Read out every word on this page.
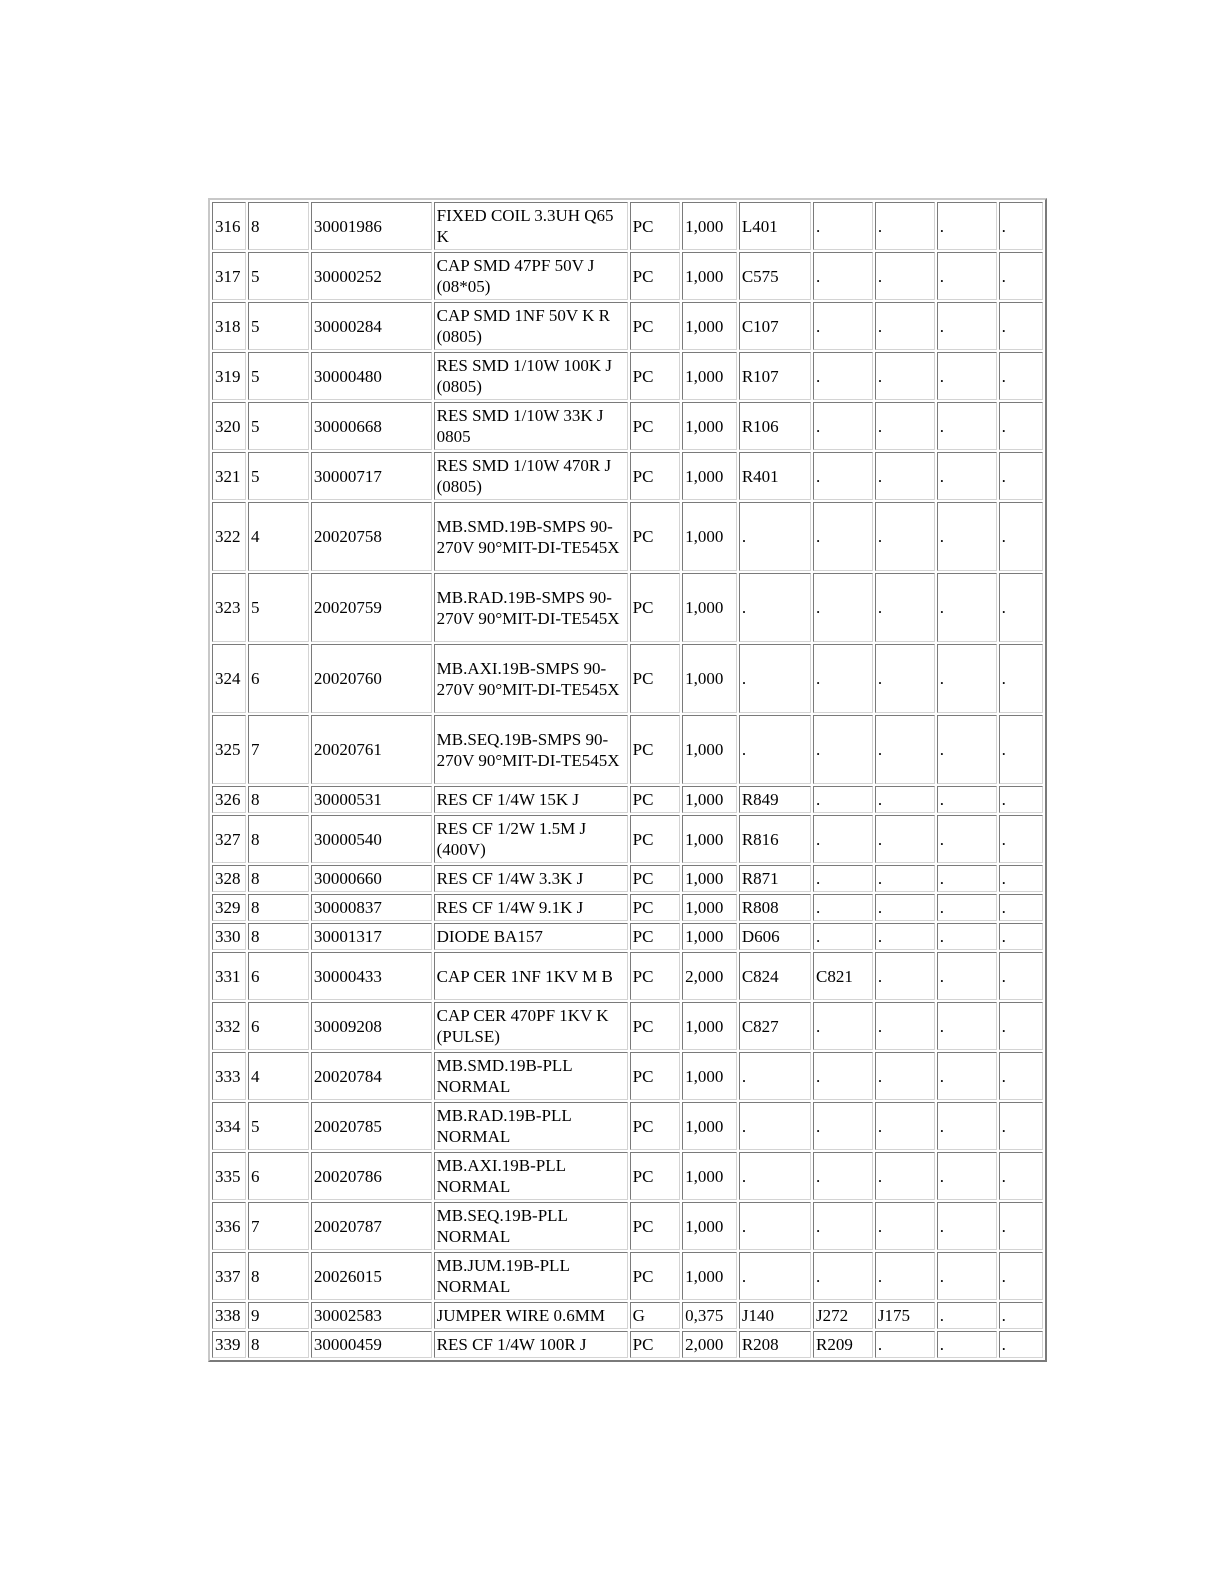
316	8	30001986	FIXED COIL 3.3UH Q65 K	PC	1,000	L401	.	.	.	.
317	5	30000252	CAP SMD 47PF 50V J (08*05)	PC	1,000	C575	.	.	.	.
318	5	30000284	CAP SMD 1NF 50V K R (0805)	PC	1,000	C107	.	.	.	.
319	5	30000480	RES SMD 1/10W 100K J (0805)	PC	1,000	R107	.	.	.	.
320	5	30000668	RES SMD 1/10W 33K J 0805	PC	1,000	R106	.	.	.	.
321	5	30000717	RES SMD 1/10W 470R J (0805)	PC	1,000	R401	.	.	.	.
322	4	20020758	MB.SMD.19B-SMPS 90-270V 90°MIT-DI-TE545X	PC	1,000	.	.	.	.	.
323	5	20020759	MB.RAD.19B-SMPS 90-270V 90°MIT-DI-TE545X	PC	1,000	.	.	.	.	.
324	6	20020760	MB.AXI.19B-SMPS 90-270V 90°MIT-DI-TE545X	PC	1,000	.	.	.	.	.
325	7	20020761	MB.SEQ.19B-SMPS 90-270V 90°MIT-DI-TE545X	PC	1,000	.	.	.	.	.
326	8	30000531	RES CF 1/4W 15K J	PC	1,000	R849	.	.	.	.
327	8	30000540	RES CF 1/2W 1.5M J (400V)	PC	1,000	R816	.	.	.	.
328	8	30000660	RES CF 1/4W 3.3K J	PC	1,000	R871	.	.	.	.
329	8	30000837	RES CF 1/4W 9.1K J	PC	1,000	R808	.	.	.	.
330	8	30001317	DIODE BA157	PC	1,000	D606	.	.	.	.
331	6	30000433	CAP CER 1NF 1KV M B	PC	2,000	C824	C821	.	.	.
332	6	30009208	CAP CER 470PF 1KV K (PULSE)	PC	1,000	C827	.	.	.	.
333	4	20020784	MB.SMD.19B-PLL NORMAL	PC	1,000	.	.	.	.	.
334	5	20020785	MB.RAD.19B-PLL NORMAL	PC	1,000	.	.	.	.	.
335	6	20020786	MB.AXI.19B-PLL NORMAL	PC	1,000	.	.	.	.	.
336	7	20020787	MB.SEQ.19B-PLL NORMAL	PC	1,000	.	.	.	.	.
337	8	20026015	MB.JUM.19B-PLL NORMAL	PC	1,000	.	.	.	.	.
338	9	30002583	JUMPER WIRE 0.6MM	G	0,375	J140	J272	J175	.	.
339	8	30000459	RES CF 1/4W 100R J	PC	2,000	R208	R209	.	.	.
